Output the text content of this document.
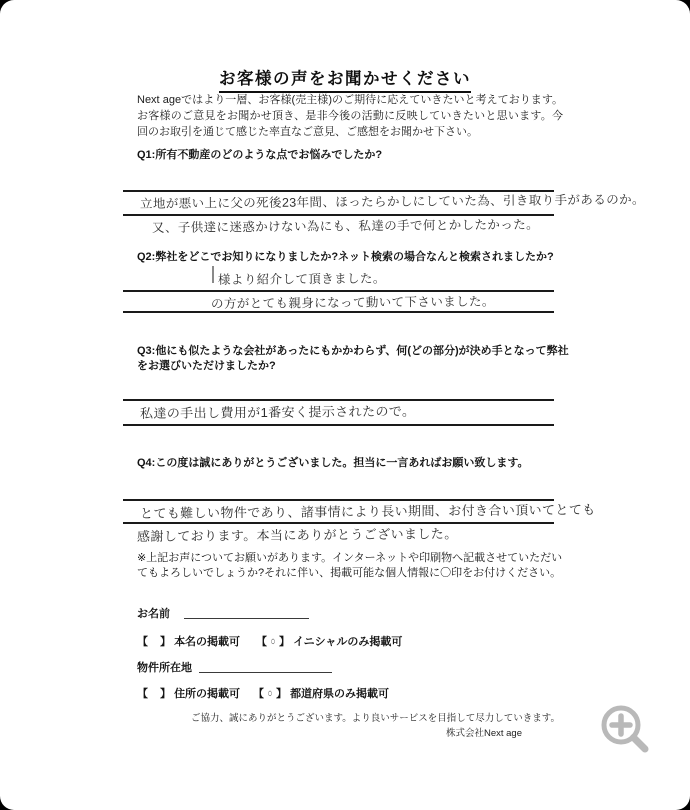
お客様の声をお聞かせください

Next ageではより一層、お客様(売主様)のご期待に応えていきたいと考えております。お客様のご意見をお聞かせ頂き、是非今後の活動に反映していきたいと思います。今回のお取引を通じて感じた率直なご意見、ご感想をお聞かせ下さい。

Q1:所有不動産のどのような点でお悩みでしたか?

立地が悪い上に父の死後23年間、ほったらかしにしていた為、引き取り手があるのか。
又、子供達に迷惑かけない為にも、私達の手で何とかしたかった。

Q2:弊社をどこでお知りになりましたか?ネット検索の場合なんと検索されましたか?

様より紹介して頂きました。
の方がとても親身になって動いて下さいました。

Q3:他にも似たような会社があったにもかかわらず、何(どの部分)が決め手となって弊社をお選びいただけましたか?

私達の手出し費用が1番安く提示されたので。

Q4:この度は誠にありがとうございました。担当に一言あればお願い致します。

とても難しい物件であり、諸事情により長い期間、お付き合い頂いてとても
感謝しております。本当にありがとうございました。

※上記お声についてお願いがあります。インターネットや印刷物へ記載させていただいてもよろしいでしょうか?それに伴い、掲載可能な個人情報に〇印をお付けください。

お名前
【 】 本名の掲載可 【 ○ 】 イニシャルのみ掲載可
物件所在地
【 】 住所の掲載可 【 ○ 】 都道府県のみ掲載可
ご協力、誠にありがとうございます。より良いサービスを目指して尽力していきます。
株式会社Next age
